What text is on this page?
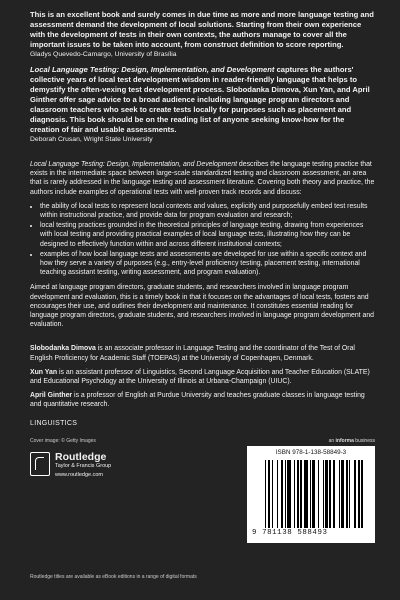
This is an excellent book and surely comes in due time as more and more language testing and assessment demand the development of local solutions. Starting from their own experience with the development of tests in their own contexts, the authors manage to cover all the important issues to be taken into account, from construct definition to score reporting.

Gladys Quevedo-Camargo, University of Brasília

Local Language Testing: Design, Implementation, and Development captures the authors' collective years of local test development wisdom in reader-friendly language that helps to demystify the often-vexing test development process. Slobodanka Dimova, Xun Yan, and April Ginther offer sage advice to a broad audience including language program directors and classroom teachers who seek to create tests locally for purposes such as placement and diagnosis. This book should be on the reading list of anyone seeking know-how for the creation of fair and usable assessments.

Deborah Crusan, Wright State University

Local Language Testing: Design, Implementation, and Development describes the language testing practice that exists in the intermediate space between large-scale standardized testing and classroom assessment, an area that is rarely addressed in the language testing and assessment literature. Covering both theory and practice, the authors include examples of operational tests with well-proven track records and discuss:

• the ability of local tests to represent local contexts and values, explicitly and purposefully embed test results within instructional practice, and provide data for program evaluation and research;
• local testing practices grounded in the theoretical principles of language testing, drawing from experiences with local testing and providing practical examples of local language tests, illustrating how they can be designed to effectively function within and across different institutional contexts;
• examples of how local language tests and assessments are developed for use within a specific context and how they serve a variety of purposes (e.g., entry-level proficiency testing, placement testing, international teaching assistant testing, writing assessment, and program evaluation).

Aimed at language program directors, graduate students, and researchers involved in language program development and evaluation, this is a timely book in that it focuses on the advantages of local tests, fosters and encourages their use, and outlines their development and maintenance. It constitutes essential reading for language program directors, graduate students, and researchers involved in language program development and evaluation.

Slobodanka Dimova is an associate professor in Language Testing and the coordinator of the Test of Oral English Proficiency for Academic Staff (TOEPAS) at the University of Copenhagen, Denmark.

Xun Yan is an assistant professor of Linguistics, Second Language Acquisition and Teacher Education (SLATE) and Educational Psychology at the University of Illinois at Urbana-Champaign (UIUC).

April Ginther is a professor of English at Purdue University and teaches graduate classes in language testing and quantitative research.

LINGUISTICS
Cover image: © Getty Images
Routledge
Taylor & Francis Group
www.routledge.com
an informa business
ISBN 978-1-138-58849-3
9 781138 588493
Routledge titles are available as eBook editions in a range of digital formats
